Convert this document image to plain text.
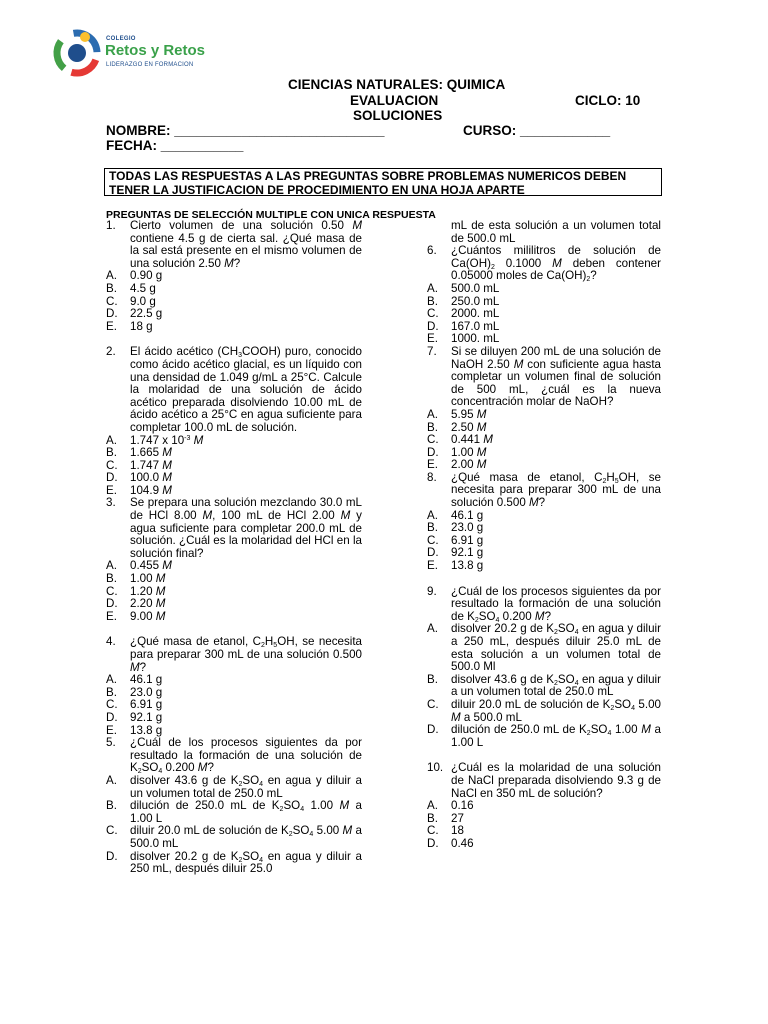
COLEGIO
Retos y Retos
LIDERAZGO EN FORMACION
CIENCIAS NATURALES: QUIMICA
EVALUACION	CICLO: 10
SOLUCIONES
NOMBRE: ____________________________	CURSO: ____________
FECHA: ___________
TODAS LAS RESPUESTAS A LAS PREGUNTAS SOBRE PROBLEMAS NUMERICOS DEBEN TENER LA JUSTIFICACION DE PROCEDIMIENTO EN UNA HOJA APARTE
PREGUNTAS DE SELECCIÓN MULTIPLE CON UNICA RESPUESTA
1. Cierto volumen de una solución 0.50 M contiene 4.5 g de cierta sal. ¿Qué masa de la sal está presente en el mismo volumen de una solución 2.50 M?
A. 0.90 g
B. 4.5 g
C. 9.0 g
D. 22.5 g
E. 18 g
2. El ácido acético $(CH_3COOH)$ puro, conocido como ácido acético glacial, es un líquido con una densidad de 1.049 g/mL a 25°C. Calcule la molaridad de una solución de ácido acético preparada disolviendo 10.00 mL de ácido acético a 25°C en agua suficiente para completar 100.0 mL de solución.
A. 1.747 x $10^{-3}$ M
B. 1.665 M
C. 1.747 M
D. 100.0 M
E. 104.9 M
3. Se prepara una solución mezclando 30.0 mL de HCl 8.00 M, 100 mL de HCl 2.00 M y agua suficiente para completar 200.0 mL de solución. ¿Cuál es la molaridad del HCl en la solución final?
A. 0.455 M
B. 1.00 M
C. 1.20 M
D. 2.20 M
E. 9.00 M
4. ¿Qué masa de etanol, $C_2H_5OH$, se necesita para preparar 300 mL de una solución 0.500 M?
A. 46.1 g
B. 23.0 g
C. 6.91 g
D. 92.1 g
E. 13.8 g
5. ¿Cuál de los procesos siguientes da por resultado la formación de una solución de $K_2SO_4$ 0.200 M?
A. disolver 43.6 g de $K_2SO_4$ en agua y diluir a un volumen total de 250.0 mL
B. dilución de 250.0 mL de $K_2SO_4$ 1.00 M a 1.00 L
C. diluir 20.0 mL de solución de $K_2SO_4$ 5.00 M a 500.0 mL
D. disolver 20.2 g de $K_2SO_4$ en agua y diluir a 250 mL, después diluir 25.0
mL de esta solución a un volumen total de 500.0 mL
6. ¿Cuántos mililitros de solución de $Ca(OH)_2$ 0.1000 M deben contener 0.05000 moles de $Ca(OH)_2$?
A. 500.0 mL
B. 250.0 mL
C. 2000. mL
D. 167.0 mL
E. 1000. mL
7. Si se diluyen 200 mL de una solución de NaOH 2.50 M con suficiente agua hasta completar un volumen final de solución de 500 mL, ¿cuál es la nueva concentración molar de NaOH?
A. 5.95 M
B. 2.50 M
C. 0.441 M
D. 1.00 M
E. 2.00 M
8. ¿Qué masa de etanol, $C_2H_5OH$, se necesita para preparar 300 mL de una solución 0.500 M?
A. 46.1 g
B. 23.0 g
C. 6.91 g
D. 92.1 g
E. 13.8 g
9. ¿Cuál de los procesos siguientes da por resultado la formación de una solución de $K_2SO_4$ 0.200 M?
A. disolver 20.2 g de $K_2SO_4$ en agua y diluir a 250 mL, después diluir 25.0 mL de esta solución a un volumen total de 500.0 Ml
B. disolver 43.6 g de $K_2SO_4$ en agua y diluir a un volumen total de 250.0 mL
C. diluir 20.0 mL de solución de $K_2SO_4$ 5.00 M a 500.0 mL
D. dilución de 250.0 mL de $K_2SO_4$ 1.00 M a 1.00 L
10. ¿Cuál es la molaridad de una solución de NaCl preparada disolviendo 9.3 g de NaCl en 350 mL de solución?
A. 0.16
B. 27
C. 18
D. 0.46
